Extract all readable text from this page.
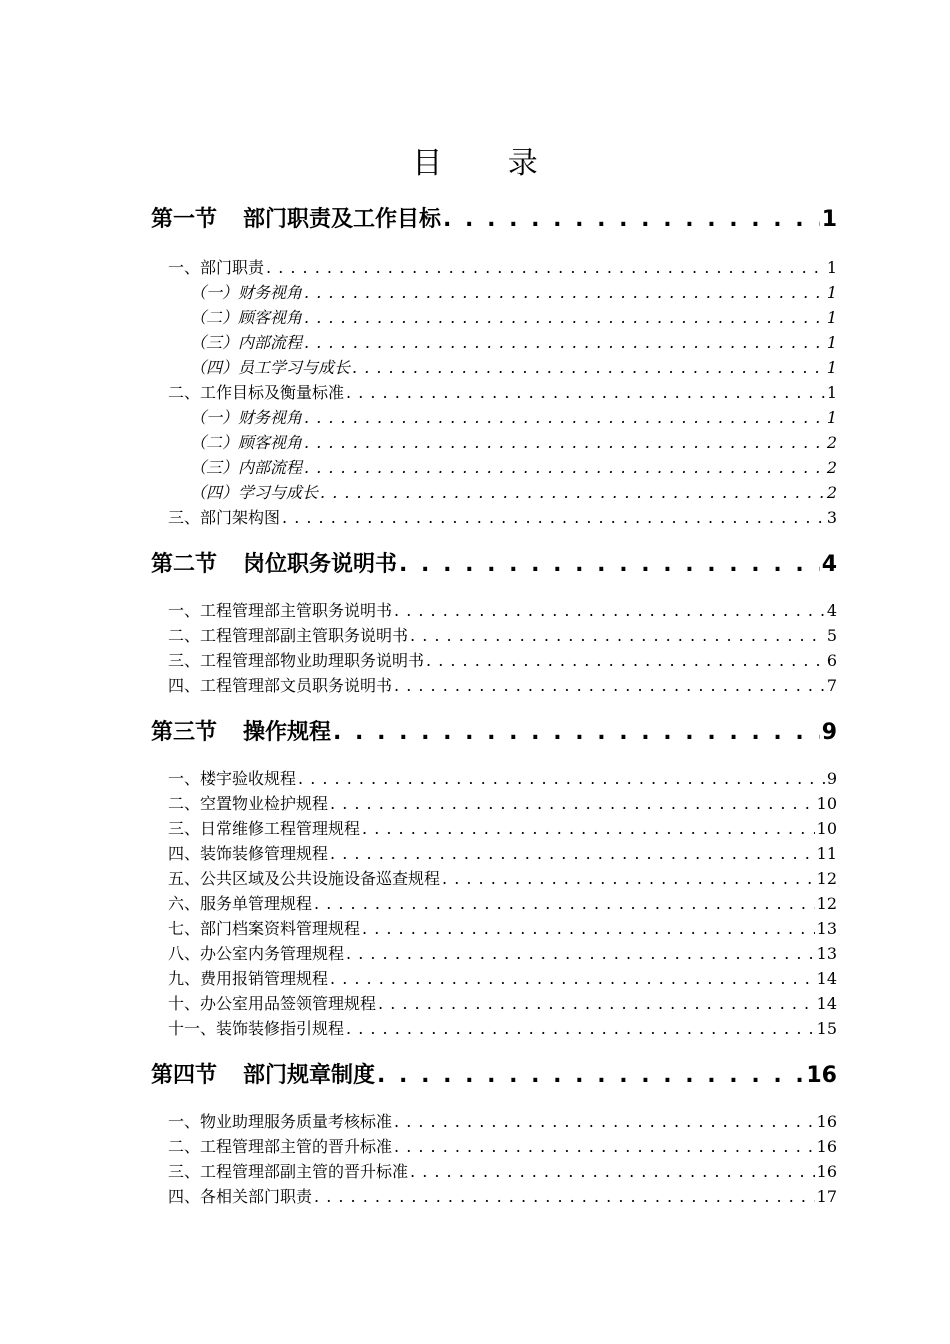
目 录
第一节 部门职责及工作目标 . . .	1
一、部门职责 . . .	1
（一）财务视角 . . .	1
（二）顾客视角 . . .	1
（三）内部流程 . . .	1
（四）员工学习与成长 . . .	1
二、工作目标及衡量标准 . . .	1
（一）财务视角 . . .	1
（二）顾客视角 . . .	2
（三）内部流程 . . .	2
（四）学习与成长 . . .	2
三、部门架构图 . . .	3
第二节 岗位职务说明书 . . .	4
一、工程管理部主管职务说明书 . . .	4
二、工程管理部副主管职务说明书 . . .	5
三、工程管理部物业助理职务说明书 . . .	6
四、工程管理部文员职务说明书 . . .	7
第三节 操作规程 . . .	9
一、楼宇验收规程 . . .	9
二、空置物业检护规程 . . .	10
三、日常维修工程管理规程 . . .	10
四、装饰装修管理规程 . . .	11
五、公共区域及公共设施设备巡查规程 . . .	12
六、服务单管理规程 . . .	12
七、部门档案资料管理规程 . . .	13
八、办公室内务管理规程 . . .	13
九、费用报销管理规程 . . .	14
十、办公室用品签领管理规程 . . .	14
十一、装饰装修指引规程 . . .	15
第四节 部门规章制度 . . .	16
一、物业助理服务质量考核标准 . . .	16
二、工程管理部主管的晋升标准 . . .	16
三、工程管理部副主管的晋升标准 . . .	16
四、各相关部门职责 . . .	17
